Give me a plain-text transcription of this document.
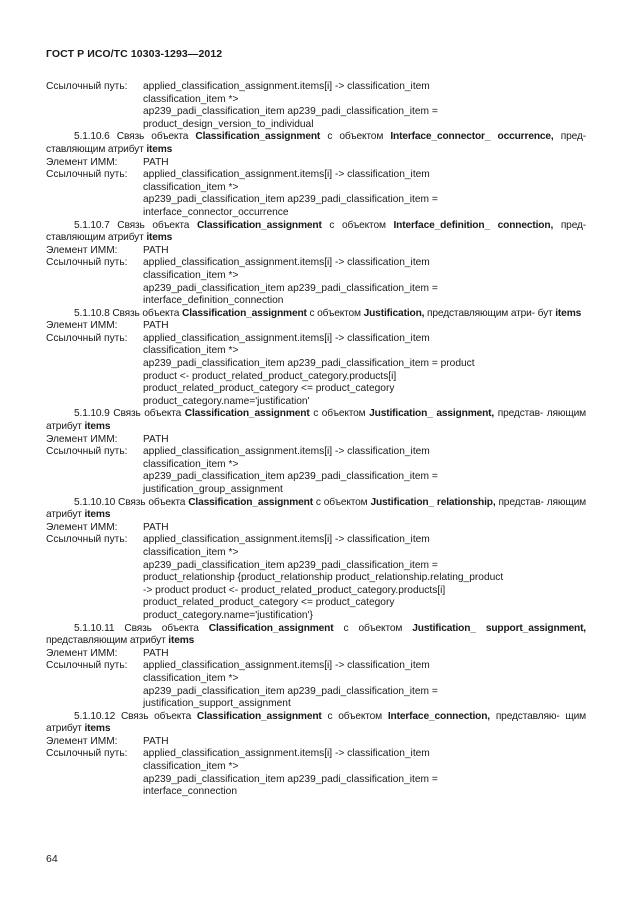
ГОСТ Р ИСО/ТС 10303-1293—2012
Ссылочный путь:	applied_classification_assignment.items[i] -> classification_item
classification_item *>
ap239_padi_classification_item ap239_padi_classification_item =
product_design_version_to_individual
5.1.10.6 Связь объекта Classification_assignment с объектом Interface_connector_ occurrence, пред- ставляющим атрибут items
Элемент ИММ:	PATH
Ссылочный путь:	applied_classification_assignment.items[i] -> classification_item
classification_item *>
ap239_padi_classification_item ap239_padi_classification_item =
interface_connector_occurrence
5.1.10.7 Связь объекта Classification_assignment с объектом Interface_definition_ connection, пред- ставляющим атрибут items
Элемент ИММ:	PATH
Ссылочный путь:	applied_classification_assignment.items[i] -> classification_item
classification_item *>
ap239_padi_classification_item ap239_padi_classification_item =
interface_definition_connection
5.1.10.8 Связь объекта Classification_assignment с объектом Justification, представляющим атри- бут items
Элемент ИММ:	PATH
Ссылочный путь:	applied_classification_assignment.items[i] -> classification_item
classification_item *>
ap239_padi_classification_item ap239_padi_classification_item = product
product <- product_related_product_category.products[i]
product_related_product_category <= product_category
product_category.name='justification'
5.1.10.9 Связь объекта Classification_assignment с объектом Justification_ assignment, представ- ляющим атрибут items
Элемент ИММ:	PATH
Ссылочный путь:	applied_classification_assignment.items[i] -> classification_item
classification_item *>
ap239_padi_classification_item ap239_padi_classification_item =
justification_group_assignment
5.1.10.10 Связь объекта Classification_assignment с объектом Justification_ relationship, представ- ляющим атрибут items
Элемент ИММ:	PATH
Ссылочный путь:	applied_classification_assignment.items[i] -> classification_item
classification_item *>
ap239_padi_classification_item ap239_padi_classification_item =
product_relationship {product_relationship product_relationship.relating_product
-> product product <- product_related_product_category.products[i]
product_related_product_category <= product_category
product_category.name='justification'}
5.1.10.11 Связь объекта Classification_assignment с объектом Justification_ support_assignment, представляющим атрибут items
Элемент ИММ:	PATH
Ссылочный путь:	applied_classification_assignment.items[i] -> classification_item
classification_item *>
ap239_padi_classification_item ap239_padi_classification_item =
justification_support_assignment
5.1.10.12 Связь объекта Classification_assignment с объектом Interface_connection, представляю- щим атрибут items
Элемент ИММ:	PATH
Ссылочный путь:	applied_classification_assignment.items[i] -> classification_item
classification_item *>
ap239_padi_classification_item ap239_padi_classification_item =
interface_connection
64
